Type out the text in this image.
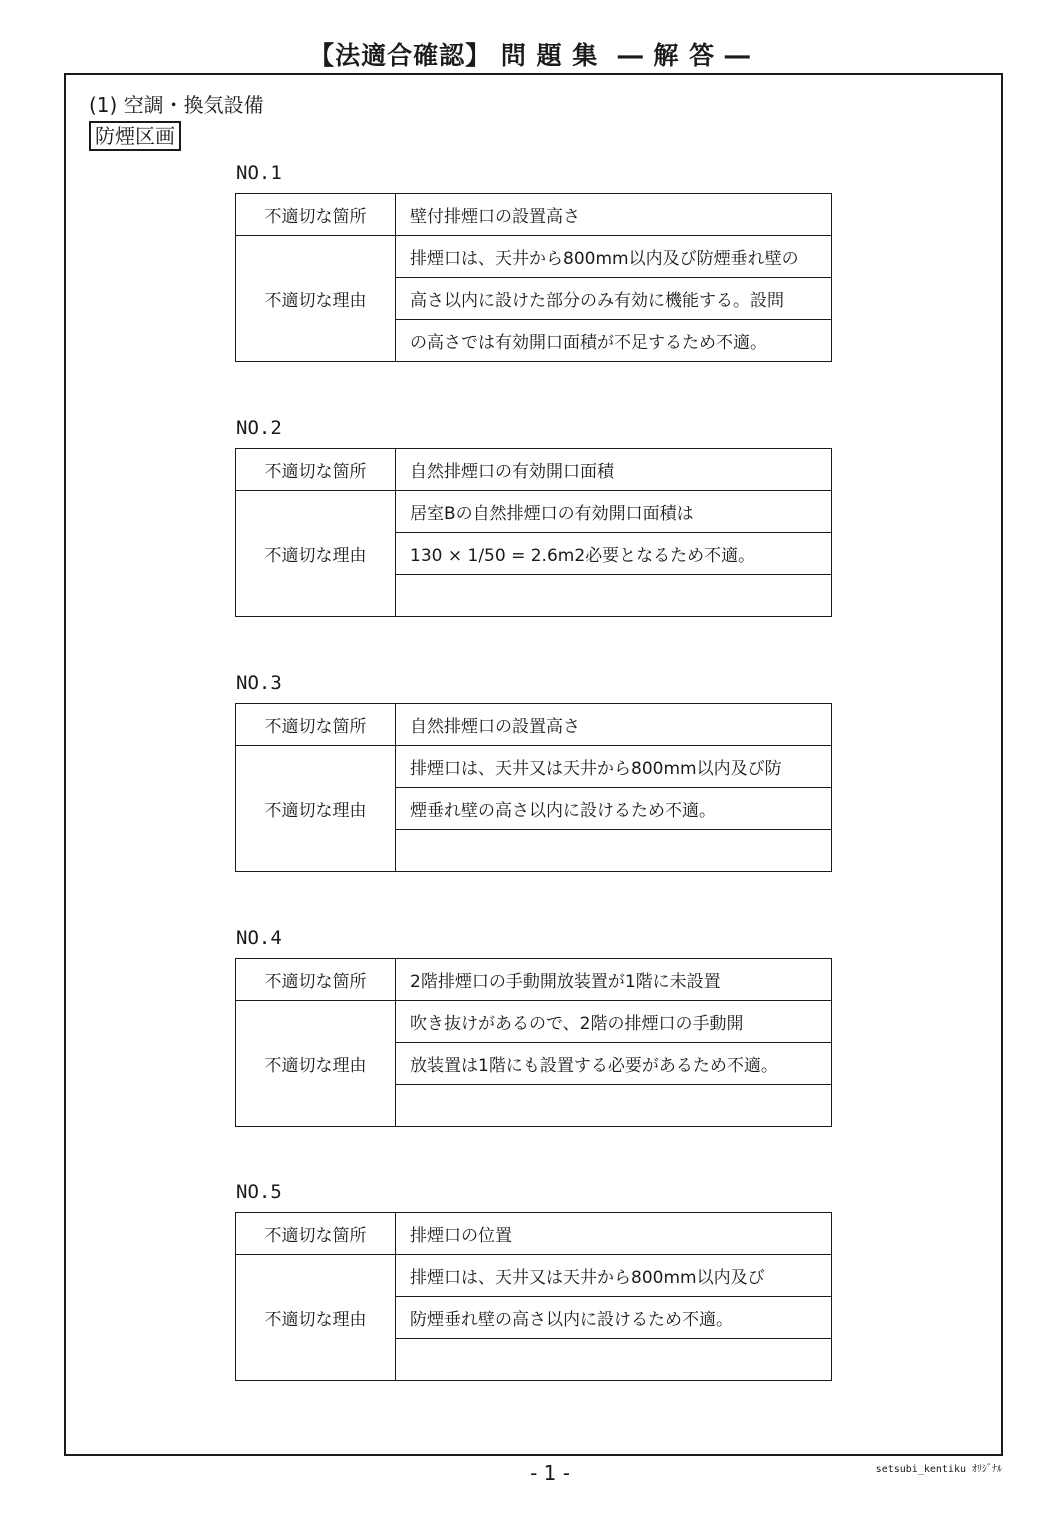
【法適合確認】 問 題 集  ― 解 答 ―
(1) 空調・換気設備
防煙区画
NO.1
不適切な箇所	壁付排煙口の設置高さ
不適切な理由	排煙口は、天井から800mm以内及び防煙垂れ壁の
	高さ以内に設けた部分のみ有効に機能する。設問
	の高さでは有効開口面積が不足するため不適。
NO.2
不適切な箇所	自然排煙口の有効開口面積
不適切な理由	居室Bの自然排煙口の有効開口面積は
	130 × 1/50 = 2.6m2必要となるため不適。

NO.3
不適切な箇所	自然排煙口の設置高さ
不適切な理由	排煙口は、天井又は天井から800mm以内及び防
	煙垂れ壁の高さ以内に設けるため不適。

NO.4
不適切な箇所	2階排煙口の手動開放装置が1階に未設置
不適切な理由	吹き抜けがあるので、2階の排煙口の手動開
	放装置は1階にも設置する必要があるため不適。

NO.5
不適切な箇所	排煙口の位置
不適切な理由	排煙口は、天井又は天井から800mm以内及び
	防煙垂れ壁の高さ以内に設けるため不適。

- 1 -	setsubi_kentiku ｵﾘｼﾞﾅﾙ
